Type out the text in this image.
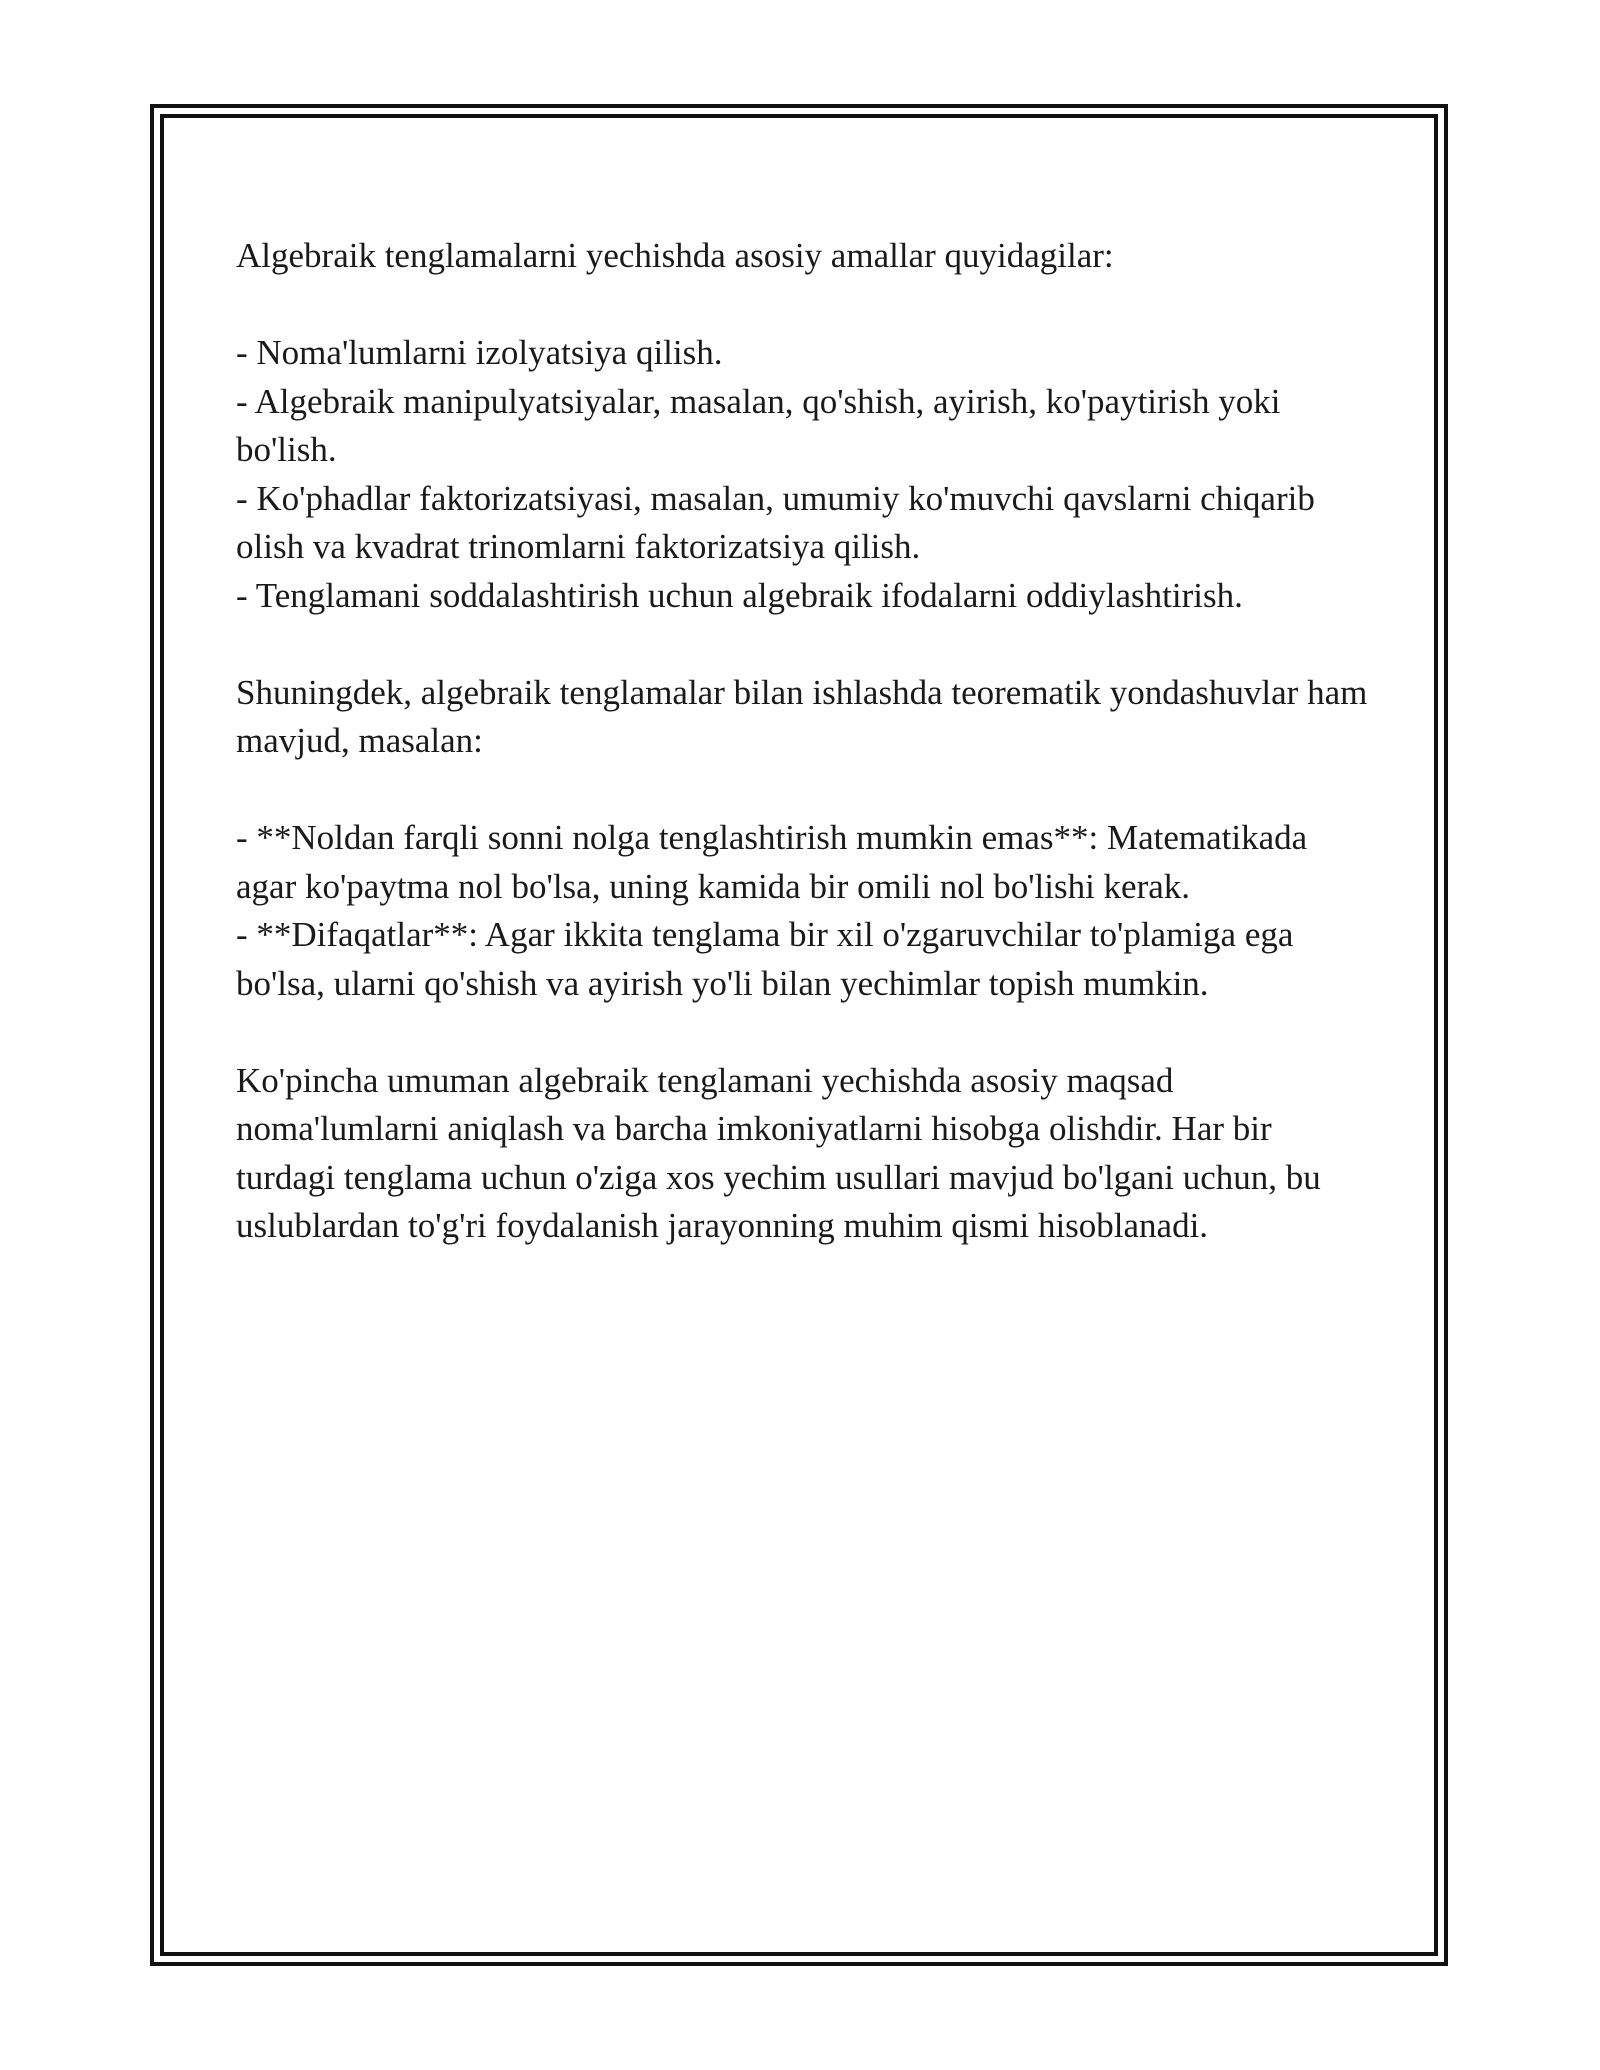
Algebraik tenglamalarni yechishda asosiy amallar quyidagilar:

- Noma'lumlarni izolyatsiya qilish.

- Algebraik manipulyatsiyalar, masalan, qo'shish, ayirish, ko'paytirish yoki bo'lish.

- Ko'phadlar faktorizatsiyasi, masalan, umumiy ko'muvchi qavslarni chiqarib olish va kvadrat trinomlarni faktorizatsiya qilish.

- Tenglamani soddalashtirish uchun algebraik ifodalarni oddiylashtirish.

Shuningdek, algebraik tenglamalar bilan ishlashda teorematik yondashuvlar ham mavjud, masalan:

- **Noldan farqli sonni nolga tenglashtirish mumkin emas**: Matematikada agar ko'paytma nol bo'lsa, uning kamida bir omili nol bo'lishi kerak.

- **Difaqatlar**: Agar ikkita tenglama bir xil o'zgaruvchilar to'plamiga ega bo'lsa, ularni qo'shish va ayirish yo'li bilan yechimlar topish mumkin.

Ko'pincha umuman algebraik tenglamani yechishda asosiy maqsad noma'lumlarni aniqlash va barcha imkoniyatlarni hisobga olishdir. Har bir turdagi tenglama uchun o'ziga xos yechim usullari mavjud bo'lgani uchun, bu uslublardan to'g'ri foydalanish jarayonning muhim qismi hisoblanadi.
